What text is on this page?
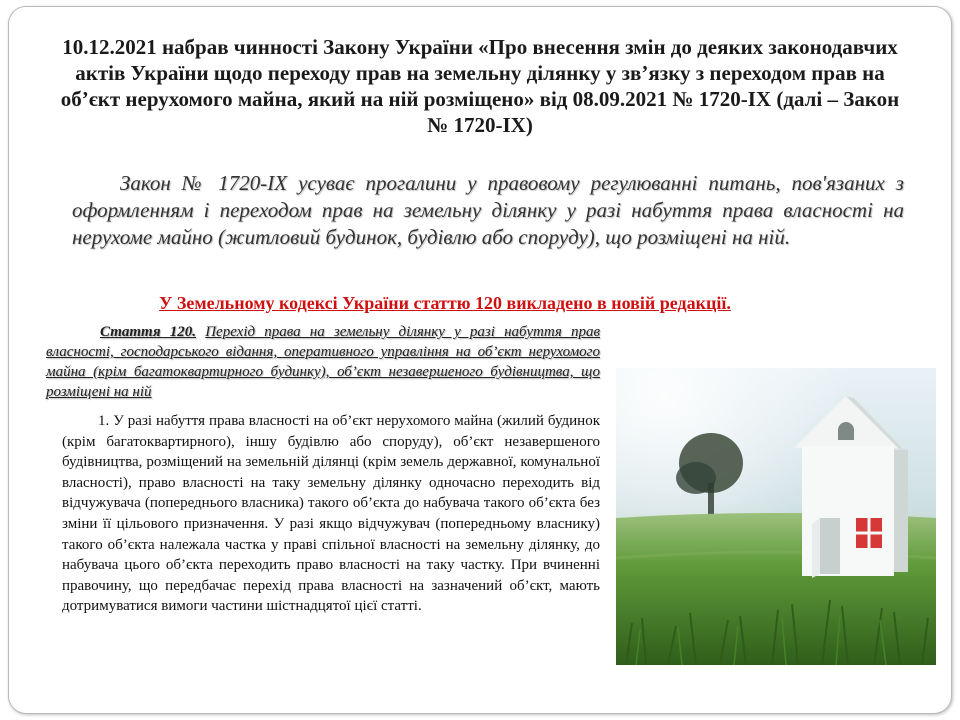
10.12.2021 набрав чинності Закону України «Про внесення змін до деяких законодавчих актів України щодо переходу прав на земельну ділянку у зв’язку з переходом прав на об’єкт нерухомого майна, який на ній розміщено» від 08.09.2021 № 1720-IX (далі – Закон № 1720-IX)
Закон № 1720-IX усуває прогалини у правовому регулюванні питань, пов'язаних з оформленням і переходом прав на земельну ділянку у разі набуття права власності на нерухоме майно (житловий будинок, будівлю або споруду), що розміщені на ній.
У Земельному кодексі України статтю 120 викладено в новій редакції.
Стаття 120. Перехід права на земельну ділянку у разі набуття прав власності, господарського відання, оперативного управління на об’єкт нерухомого майна (крім багатоквартирного будинку), об’єкт незавершеного будівництва, що розміщені на ній
1. У разі набуття права власності на об’єкт нерухомого майна (жилий будинок (крім багатоквартирного), іншу будівлю або споруду), об’єкт незавершеного будівництва, розміщений на земельній ділянці (крім земель державної, комунальної власності), право власності на таку земельну ділянку одночасно переходить від відчужувача (попереднього власника) такого об’єкта до набувача такого об’єкта без зміни її цільового призначення. У разі якщо відчужувач (попередньому власнику) такого об’єкта належала частка у праві спільної власності на земельну ділянку, до набувача цього об’єкта переходить право власності на таку частку. При вчиненні правочину, що передбачає перехід права власності на зазначений об’єкт, мають дотримуватися вимоги частини шістнадцятої цієї статті.
